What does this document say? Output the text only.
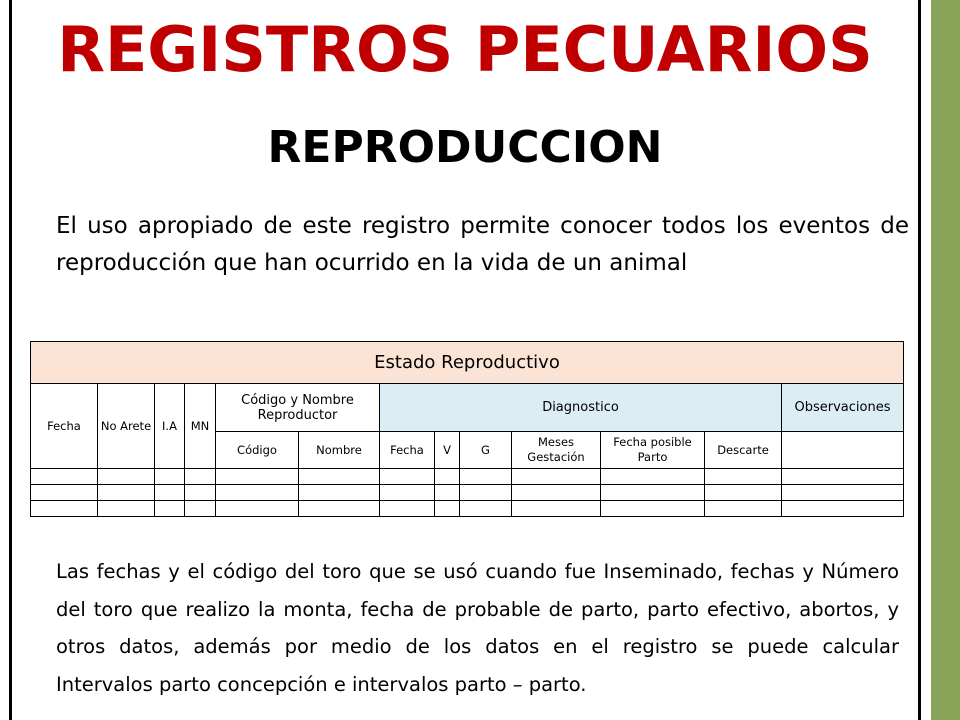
REGISTROS PECUARIOS
REPRODUCCION
El uso apropiado de este registro permite conocer todos los eventos de reproducción que han ocurrido en la vida de un animal
Estado Reproductivo												
Fecha	No Arete	I.A	MN	Código y Nombre Reproductor		Diagnostico						Observaciones
				Código	Nombre	Fecha	V	G	Meses Gestación	Fecha posible Parto	Descarte	

Las fechas y el código del toro que se usó cuando fue Inseminado, fechas y Número del toro que realizo la monta, fecha de probable de parto, parto efectivo, abortos, y otros datos, además por medio de los datos en el registro se puede calcular Intervalos parto concepción e intervalos parto – parto.
